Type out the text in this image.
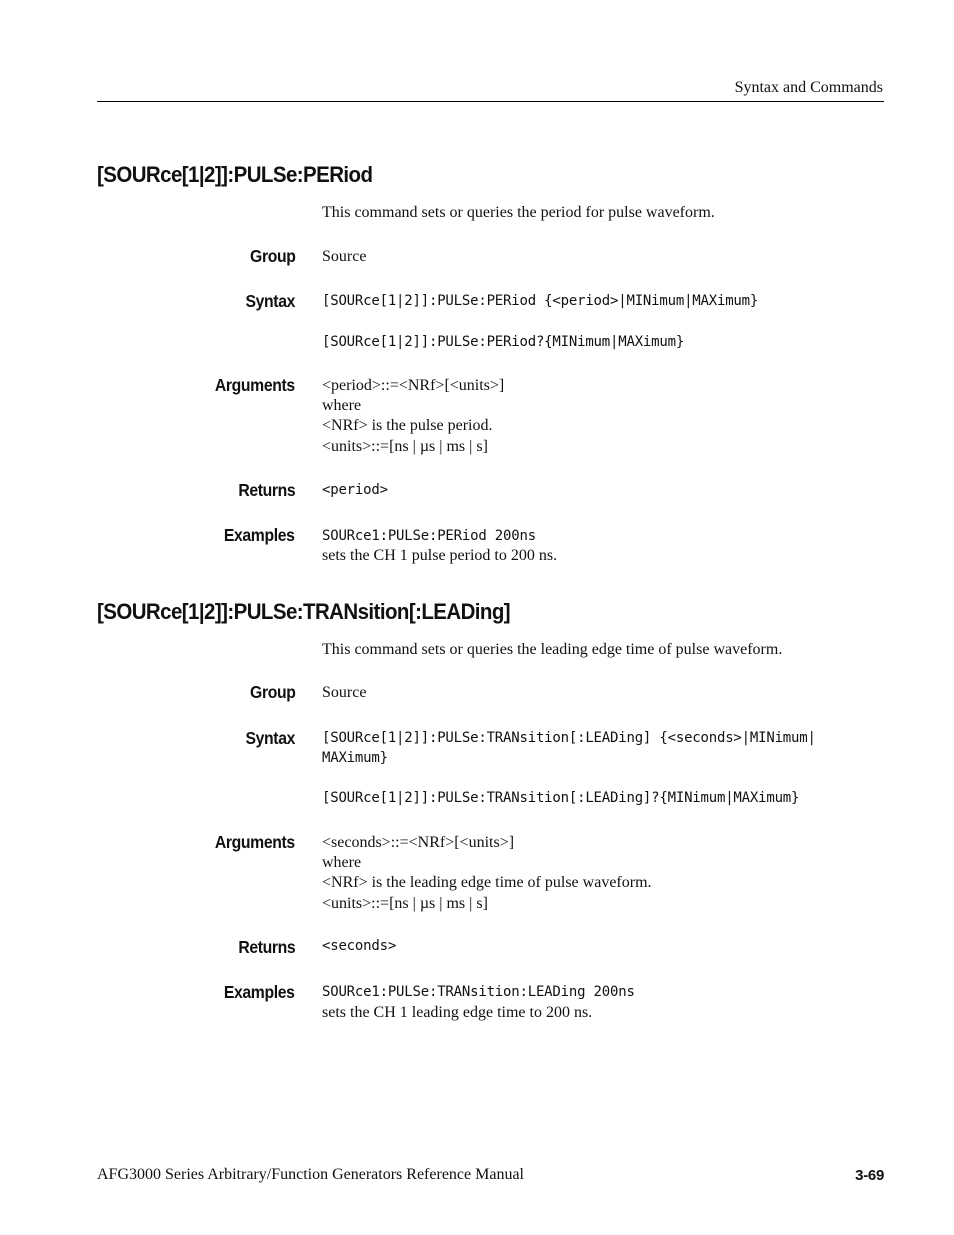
Syntax and Commands
[SOURce[1|2]]:PULSe:PERiod
This command sets or queries the period for pulse waveform.
Group Source
Syntax [SOURce[1|2]]:PULSe:PERiod {<period>|MINimum|MAXimum}
[SOURce[1|2]]:PULSe:PERiod?{MINimum|MAXimum}
Arguments <period>::=<NRf>[<units>]
where
<NRf> is the pulse period.
<units>::=[ns | µs | ms | s]
Returns <period>
Examples SOURce1:PULSe:PERiod 200ns
sets the CH 1 pulse period to 200 ns.
[SOURce[1|2]]:PULSe:TRANsition[:LEADing]
This command sets or queries the leading edge time of pulse waveform.
Group Source
Syntax [SOURce[1|2]]:PULSe:TRANsition[:LEADing] {<seconds>|MINimum|
MAXimum}
[SOURce[1|2]]:PULSe:TRANsition[:LEADing]?{MINimum|MAXimum}
Arguments <seconds>::=<NRf>[<units>]
where
<NRf> is the leading edge time of pulse waveform.
<units>::=[ns | µs | ms | s]
Returns <seconds>
Examples SOURce1:PULSe:TRANsition:LEADing 200ns
sets the CH 1 leading edge time to 200 ns.
AFG3000 Series Arbitrary/Function Generators Reference Manual	3-69
